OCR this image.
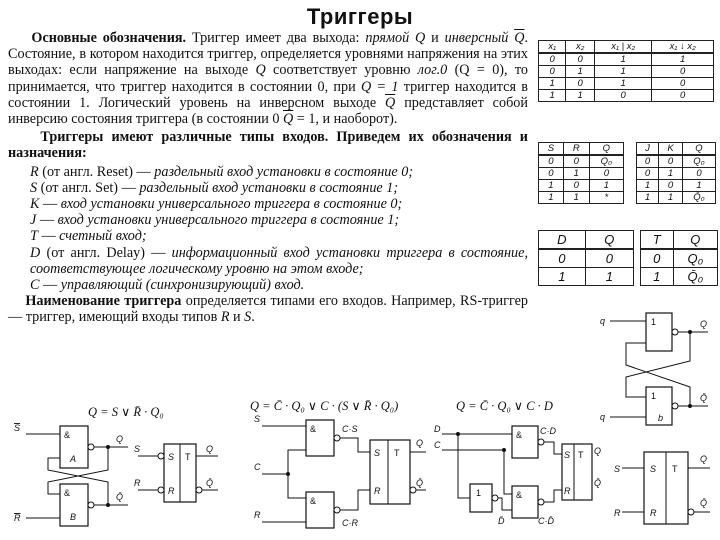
Триггеры

Основные обозначения. Триггер имеет два выхода: прямой Q и инверсный $\overline{Q}$. Состояние, в котором находится триггер, определяется уровнями напряжения на этих выходах: если напряжение на выходе Q соответствует уровню лог.0 (Q = 0), то принимается, что триггер находится в состоянии 0, при Q = 1 триггер находится в состоянии 1. Логический уровень на инверсном выходе $\overline{Q}$ представляет собой инверсию состояния триггера (в состоянии 0 $\overline{Q} = 1$, и наоборот).

Триггеры имеют различные типы входов. Приведем их обозначения и назначения:

R (от англ. Reset) — раздельный вход установки в состояние 0;

S (от англ. Set) — раздельный вход установки в состояние 1;

K — вход установки универсального триггера в состояние 0;

J — вход установки универсального триггера в состояние 1;

T — счетный вход;

D (от англ. Delay) — информационный вход установки триггера в состояние, соответствующее логическому уровню на этом входе;

C — управляющий (синхронизирующий) вход.

Наименование триггера определяется типами его входов. Например, RS-триггер — триггер, имеющий входы типов R и S.

x₁	x₂	x₁ | x₂	x₁ ↓ x₂
0	0	1	1
0	1	1	0
1	0	1	0
1	1	0	0
S	R	Q
0	0	Q₀
0	1	0
1	0	1
1	1	*
J	K	Q
0	0	Q₀
0	1	0
1	0	1
1	1	Q̄₀
D	Q
0	0
1	1
T	Q
0	Q₀
1	Q̄₀
Q = S ∨ R̄ · Q₀	Q = C̄ · Q₀ ∨ C · (S ∨ R̄ · Q₀)	Q = C̄ · Q₀ ∨ C · D
1
1
q
q
Q
Q̄
b
&
&
A
B
S
R
Q
Q̄
S
R
T
S
R
Q
Q̄
&
&
C·S
C·R
S
R
T
S
C
R
Q
Q̄
&
&
1
C·D
C·D̄
D̄
S
R
T
D
C
Q
Q̄
S
R
T
S
R
Q
Q̄
